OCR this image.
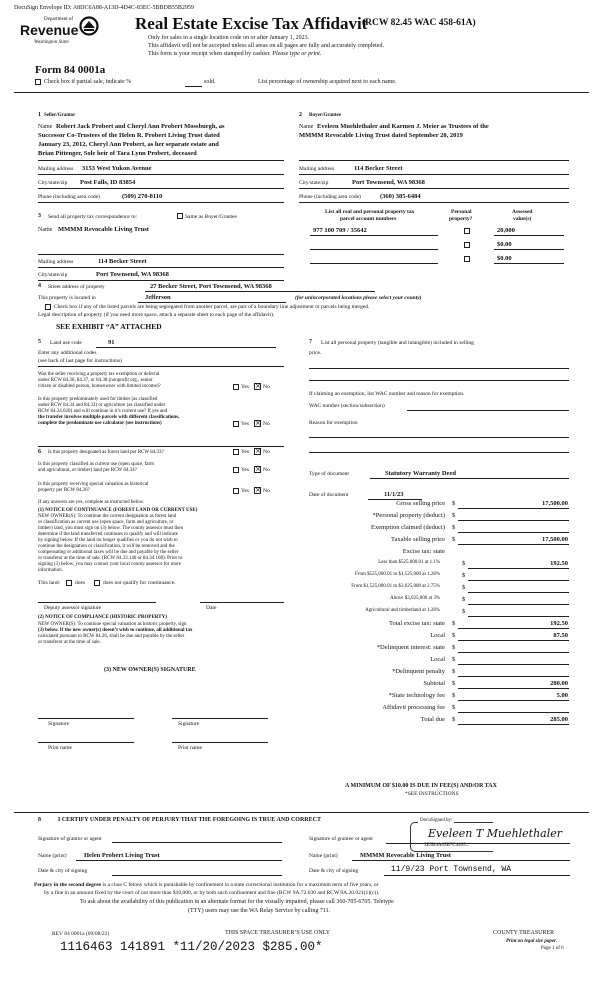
DocuSign Envelope ID: A8DC6A88-A13D-4D4C-83EC-5BBDB55B2959
Department of
Revenue
Washington State
Real Estate Excise Tax Affidavit
(RCW 82.45 WAC 458-61A)
Only for sales in a single location code on or after January 1, 2023.
This affidavit will not be accepted unless all areas on all pages are fully and accurately completed.
This form is your receipt when stamped by cashier. Please type or print.
Form 84 0001a
Check box if partial sale, indicate %	sold.	List percentage of ownership acquired next to each name.
1 Seller/Grantor
Name Robert Jack Probert and Cheryl Ann Probert Mossburgh, as
Successor Co-Trustees of the Helen R. Probert Living Trust dated
January 23, 2012, Cheryl Ann Probert, as her separate estate and
Brian Pittenger, Sole heir of Tara Lynn Probert, deceased
Mailing address 3153 West Yukon Avenue
City/state/zip Post Falls, ID 83854
Phone (including area code)	(509) 270-8110
2 Buyer/Grantee
Name Eveleen Muehlethaler and Karmen J. Meier as Trustees of the
MMMM Revocable Living Trust dated September 20, 2019
Mailing address	114 Becker Street
City/state/zip	Port Townsend, WA 98368
Phone (including area code)	(360) 385-6484
3 Send all property tax correspondence to:	Same as Buyer/Grantee
Name MMMM Revocable Living Trust
Mailing address	114 Becker Street
City/state/zip	Port Townsend, WA 98368
List all real and personal property tax
parcel account numbers
Personal
property?
Assessed
value(s)
977 100 709 / 35642	20,000
$0.00
$0.00
4 Street address of property	27 Becker Street, Port Townsend, WA 98368
This property is located in	Jefferson	(for unincorporated locations please select your county)
Check box if any of the listed parcels are being segregated from another parcel, are part of a boundary line adjustment or parcels being merged.
Legal description of property (if you need more space, attach a separate sheet to each page of the affidavit).
SEE EXHIBIT “A” ATTACHED
5 Land use code	91
Enter any additional codes
(see back of last page for instructions)
Was the seller receiving a property tax exemption or deferral
under RCW 84.36, 84.37, or 84.38 (nonprofit org., senior
citizen or disabled person, homeowner with limited income)?	Yes × No
Is this property predominately used for timber (as classified
under RCW 84.34 and 84.33) or agriculture (as classified under
RCW 84.34.020) and will continue in it’s current use? If yes and
the transfer involves multiple parcels with different classifications,
complete the predominate use calculator (see instructions)	Yes × No
6 Is this property designated as forest land per RCW 84.33?	Yes × No
Is this property classified as current use (open space, farm
and agricultural, or timber) land per RCW 84.34?	Yes × No
Is this property receiving special valuation as historical
property per RCW 84.26?	Yes × No
If any answers are yes, complete as instructed below.
(1) NOTICE OF CONTINUANCE (FOREST LAND OR CURRENT USE)
NEW OWNER(S): To continue the current designation as forest land
or classification as current use (open space, farm and agriculture, or
timber) land, you must sign on (3) below. The county assessor must then
determine if the land transferred continues to qualify and will indicate
by signing below. If the land no longer qualifies or you do not wish to
continue the designation or classification, it will be removed and the
compensating or additional taxes will be due and payable by the seller
or transferor at the time of sale. (RCW 84.33.140 or 84.34.108). Prior to
signing (3) below, you may contact your local county assessor for more
information.
This land:	does	does not qualify for continuance.
Deputy assessor signature	Date
(2) NOTICE OF COMPLIANCE (HISTORIC PROPERTY)
NEW OWNER(S): To continue special valuation as historic property, sign
(3) below. If the new owner(s) doesn’t wish to continue, all additional tax
calculated pursuant to RCW 84.26, shall be due and payable by the seller
or transferor at the time of sale.
(3) NEW OWNER(S) SIGNATURE
Signature	Signature
Print name	Print name
7 List all personal property (tangible and intangible) included in selling
price.
If claiming an exemption, list WAC number and reason for exemption.
WAC number (section/subsection)
Reason for exemption
Type of document	Statutory Warranty Deed
Date of document	11/1/23
Gross selling price $	17,500.00
*Personal property (deduct) $
Exemption claimed (deduct) $
Taxable selling price $	17,500.00
Excise tax: state
Less than $525,000.01 at 1.1%	$	192.50
From $525,000.01 to $1,525,000 at 1.28%	$
From $1,525,000.01 to $3,025,000 at 2.75%	$
Above $3,025,000 at 3%	$
Agricultural and timberland at 1.28%	$
Total excise tax: state $	192.50
Local $	87.50
*Delinquent interest: state $
Local $
*Delinquent penalty $
Subtotal $	280.00
*State technology fee $	5.00
Affidavit processing fee $
Total due $	285.00
A MINIMUM OF $10.00 IS DUE IN FEE(S) AND/OR TAX
*SEE INSTRUCTIONS
8	I CERTIFY UNDER PENALTY OF PERJURY THAT THE FOREGOING IS TRUE AND CORRECT
Signature of grantor or agent	Signature of grantee or agent
DocuSigned by:
Eveleen T Muehlethaler
3E5B4A05B7C4405...
Name (print)	Helen Probert Living Trust	Name (print)	MMMM Revocable Living Trust
Date & city of signing	Date & city of signing	11/9/23 Port Townsend, WA
Perjury in the second degree is a class C felony which is punishable by confinement in a state correctional institution for a maximum term of five years, or
by a fine in an amount fixed by the court of not more than $10,000, or by both such confinement and fine (RCW 9A.72.030 and RCW 9A.20.021(1)(c)).
To ask about the availability of this publication in an alternate format for the visually impaired, please call 360-705-6705. Teletype
(TTY) users may use the WA Relay Service by calling 711.
REV 84 0001a (09/08/22)	THIS SPACE TREASURER’S USE ONLY
1116463 141891 *11/20/2023 $285.00*
COUNTY TREASURER
Print on legal size paper.
Page 1 of 6
